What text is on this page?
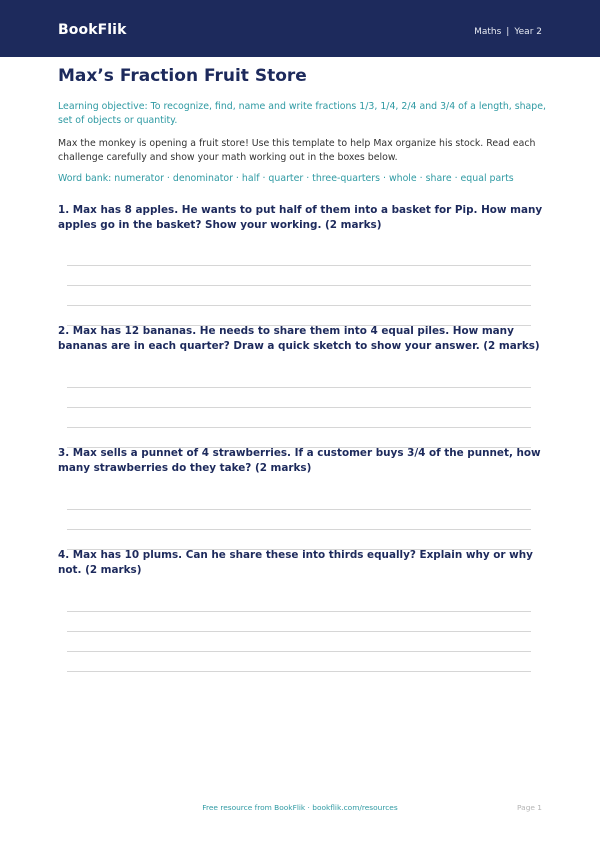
BookFlik	Maths | Year 2
Max’s Fraction Fruit Store
Learning objective: To recognize, find, name and write fractions 1/3, 1/4, 2/4 and 3/4 of a length, shape, set of objects or quantity.
Max the monkey is opening a fruit store! Use this template to help Max organize his stock. Read each challenge carefully and show your math working out in the boxes below.
Word bank: numerator · denominator · half · quarter · three-quarters · whole · share · equal parts
1. Max has 8 apples. He wants to put half of them into a basket for Pip. How many apples go in the basket? Show your working. (2 marks)
2. Max has 12 bananas. He needs to share them into 4 equal piles. How many bananas are in each quarter? Draw a quick sketch to show your answer. (2 marks)
3. Max sells a punnet of 4 strawberries. If a customer buys 3/4 of the punnet, how many strawberries do they take? (2 marks)
4. Max has 10 plums. Can he share these into thirds equally? Explain why or why not. (2 marks)
Free resource from BookFlik · bookflik.com/resources	Page 1
